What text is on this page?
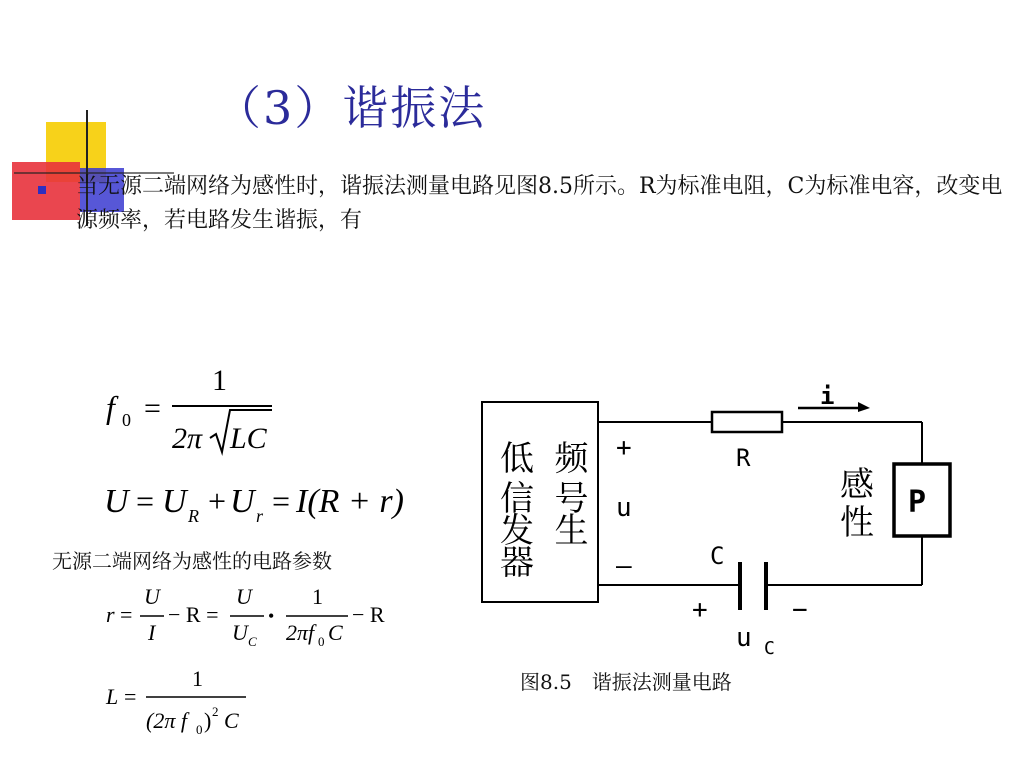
（3）谐振法
当无源二端网络为感性时，谐振法测量电路见图8.5所示。R为标准电阻，C为标准电容，改变电源频率，若电路发生谐振，有
f 0 =
1
2π LC
U = U R + U r = I(R + r)
无源二端网络为感性的电路参数
r =
U
I
− R =
U
U C
•
1
2πf 0 C
− R
L =
1
(2π f 0 ) 2 C
低 频
信 号
发 生
器
R
i
+
u
—	C
+	−
u C
感
性
P
图8.5　谐振法测量电路
